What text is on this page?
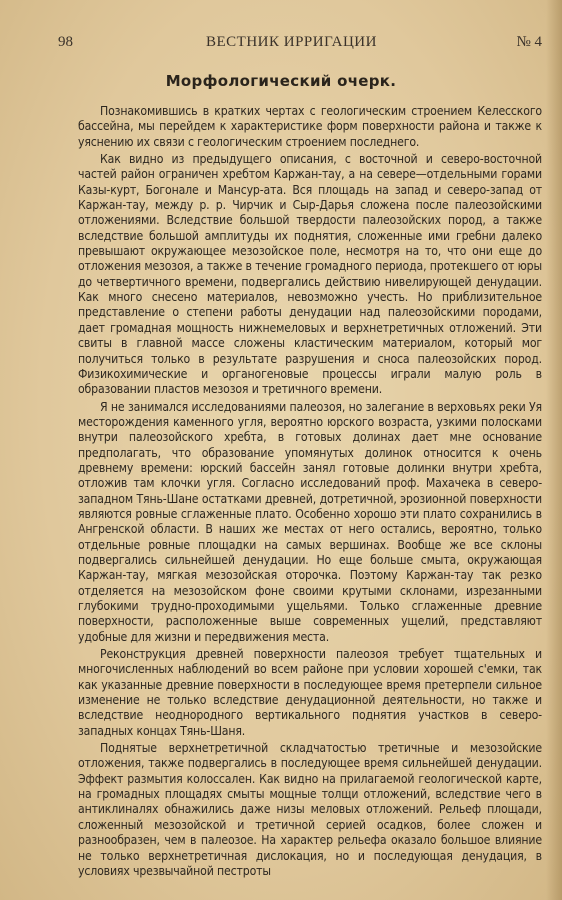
98	ВЕСТНИК ИРРИГАЦИИ	№ 4
Морфологический очерк.

Познакомившись в кратких чертах с геологическим строением Келесского бассейна, мы перейдем к характеристике форм поверхности района и также к уяснению их связи с геологическим строением последнего.

Как видно из предыдущего описания, с восточной и северо-восточной частей район ограничен хребтом Каржан-тау, а на севере—отдельными горами Казы-курт, Богонале и Мансур-ата. Вся площадь на запад и северо-запад от Каржан-тау, между р. р. Чирчик и Сыр-Дарья сложена после палеозойскими отложениями. Вследствие большой твердости палеозойских пород, а также вследствие большой амплитуды их поднятия, сложенные ими гребни далеко превышают окружающее мезозойское поле, несмотря на то, что они еще до отложения мезозоя, а также в течение громадного периода, протекшего от юры до четвертичного времени, подвергались действию нивелирующей денудации. Как много снесено материалов, невозможно учесть. Но приблизительное представление о степени работы денудации над палеозойскими породами, дает громадная мощность нижнемеловых и верхнетретичных отложений. Эти свиты в главной массе сложены кластическим материалом, который мог получиться только в результате разрушения и сноса палеозойских пород. Физикохимические и органогеновые процессы играли малую роль в образовании пластов мезозоя и третичного времени.

Я не занимался исследованиями палеозоя, но залегание в верховьях реки Уя месторождения каменного угля, вероятно юрского возраста, узкими полосками внутри палеозойского хребта, в готовых долинах дает мне основание предполагать, что образование упомянутых долинок относится к очень древнему времени: юрский бассейн занял готовые долинки внутри хребта, отложив там клочки угля. Согласно исследований проф. Махачека в северо-западном Тянь-Шане остатками древней, дотретичной, эрозионной поверхности являются ровные сглаженные плато. Особенно хорошо эти плато сохранились в Ангренской области. В наших же местах от него остались, вероятно, только отдельные ровные площадки на самых вершинах. Вообще же все склоны подвергались сильнейшей денудации. Но еще больше смыта, окружающая Каржан-тау, мягкая мезозойская оторочка. Поэтому Каржан-тау так резко отделяется на мезозойском фоне своими крутыми склонами, изрезанными глубокими трудно-проходимыми ущельями. Только сглаженные древние поверхности, расположенные выше современных ущелий, представляют удобные для жизни и передвижения места.

Реконструкция древней поверхности палеозоя требует тщательных и многочисленных наблюдений во всем районе при условии хорошей с'емки, так как указанные древние поверхности в последующее время претерпели сильное изменение не только вследствие денудационной деятельности, но также и вследствие неоднородного вертикального поднятия участков в северо-западных концах Тянь-Шаня.

Поднятые верхнетретичной складчатостью третичные и мезозойские отложения, также подвергались в последующее время сильнейшей денудации. Эффект размытия колоссален. Как видно на прилагаемой геологической карте, на громадных площадях смыты мощные толщи отложений, вследствие чего в антиклиналях обнажились даже низы меловых отложений. Рельеф площади, сложенный мезозойской и третичной серией осадков, более сложен и разнообразен, чем в палеозое. На характер рельефа оказало большое влияние не только верхнетретичная дислокация, но и последующая денудация, в условиях чрезвычайной пестроты
